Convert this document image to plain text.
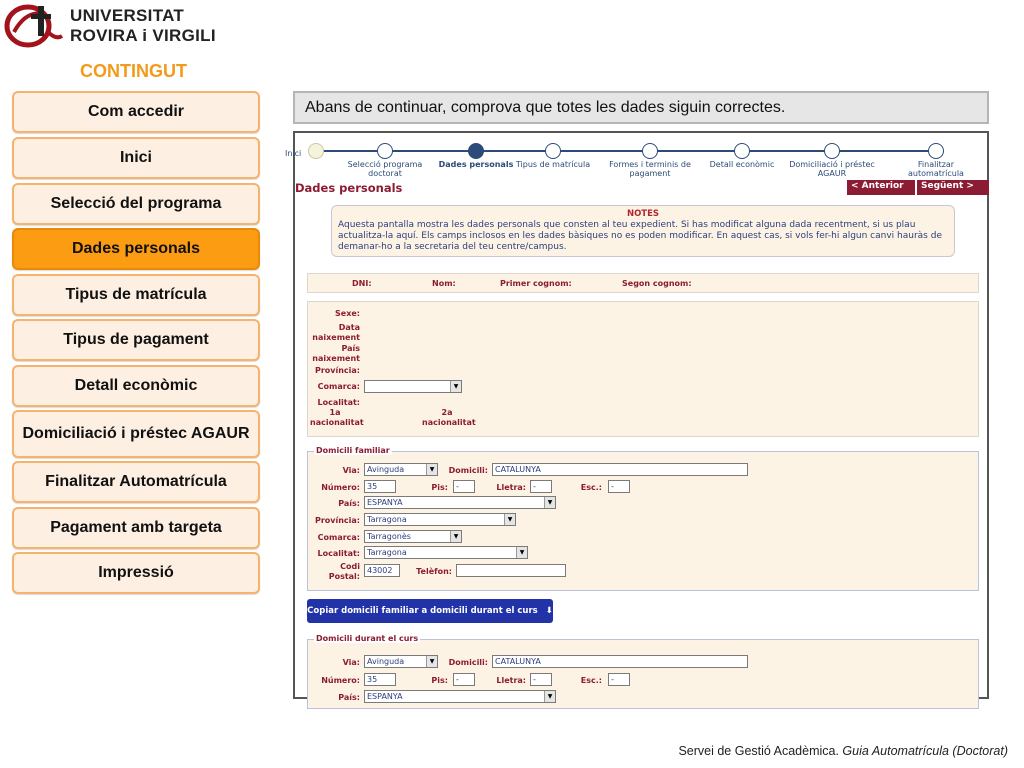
UNIVERSITAT
ROVIRA i VIRGILI
CONTINGUT
Com accedir
Inici
Selecció del programa
Dades personals
Tipus de matrícula
Tipus de pagament
Detall econòmic
Domiciliació i préstec AGAUR
Finalitzar Automatrícula
Pagament amb targeta
Impressió
Abans de continuar, comprova que totes les dades siguin correctes.
Inici
Selecció programa doctorat
Dades personals Tipus de matrícula	Formes i terminis de pagament
Detall econòmic	Domiciliació i préstec AGAUR
Finalitzar automatrícula
Dades personals	< Anterior	Següent >
NOTES
Aquesta pantalla mostra les dades personals que consten al teu expedient. Si has modificat alguna dada recentment, si us plau actualitza-la aquí. Els camps inclosos en les dades bàsiques no es poden modificar. En aquest cas, si vols fer-hi algun canvi hauràs de demanar-ho a la secretaria del teu centre/campus.
DNI:	Nom:	Primer cognom:	Segon cognom:
Sexe:
Data naixement
País naixement
Província:
Comarca:	▼
Localitat:
1a nacionalitat
2a nacionalitat
Domicili familiar
Via: Avinguda	▼	Domicili: CATALUNYA
Número: 35	Pis:	-	Lletra: -	Esc.:	-
País: ESPANYA	▼
Província: Tarragona	▼
Comarca: Tarragonès	▼
Localitat: Tarragona	▼
Codi Postal:
43002	Telèfon:
Copiar domicili familiar a domicili durant el curs ⬇
Domicili durant el curs
Via: Avinguda	▼	Domicili: CATALUNYA
Número: 35	Pis:	-	Lletra: -	Esc.:	-
País: ESPANYA	▼
Servei de Gestió Acadèmica. Guia Automatrícula (Doctorat)
